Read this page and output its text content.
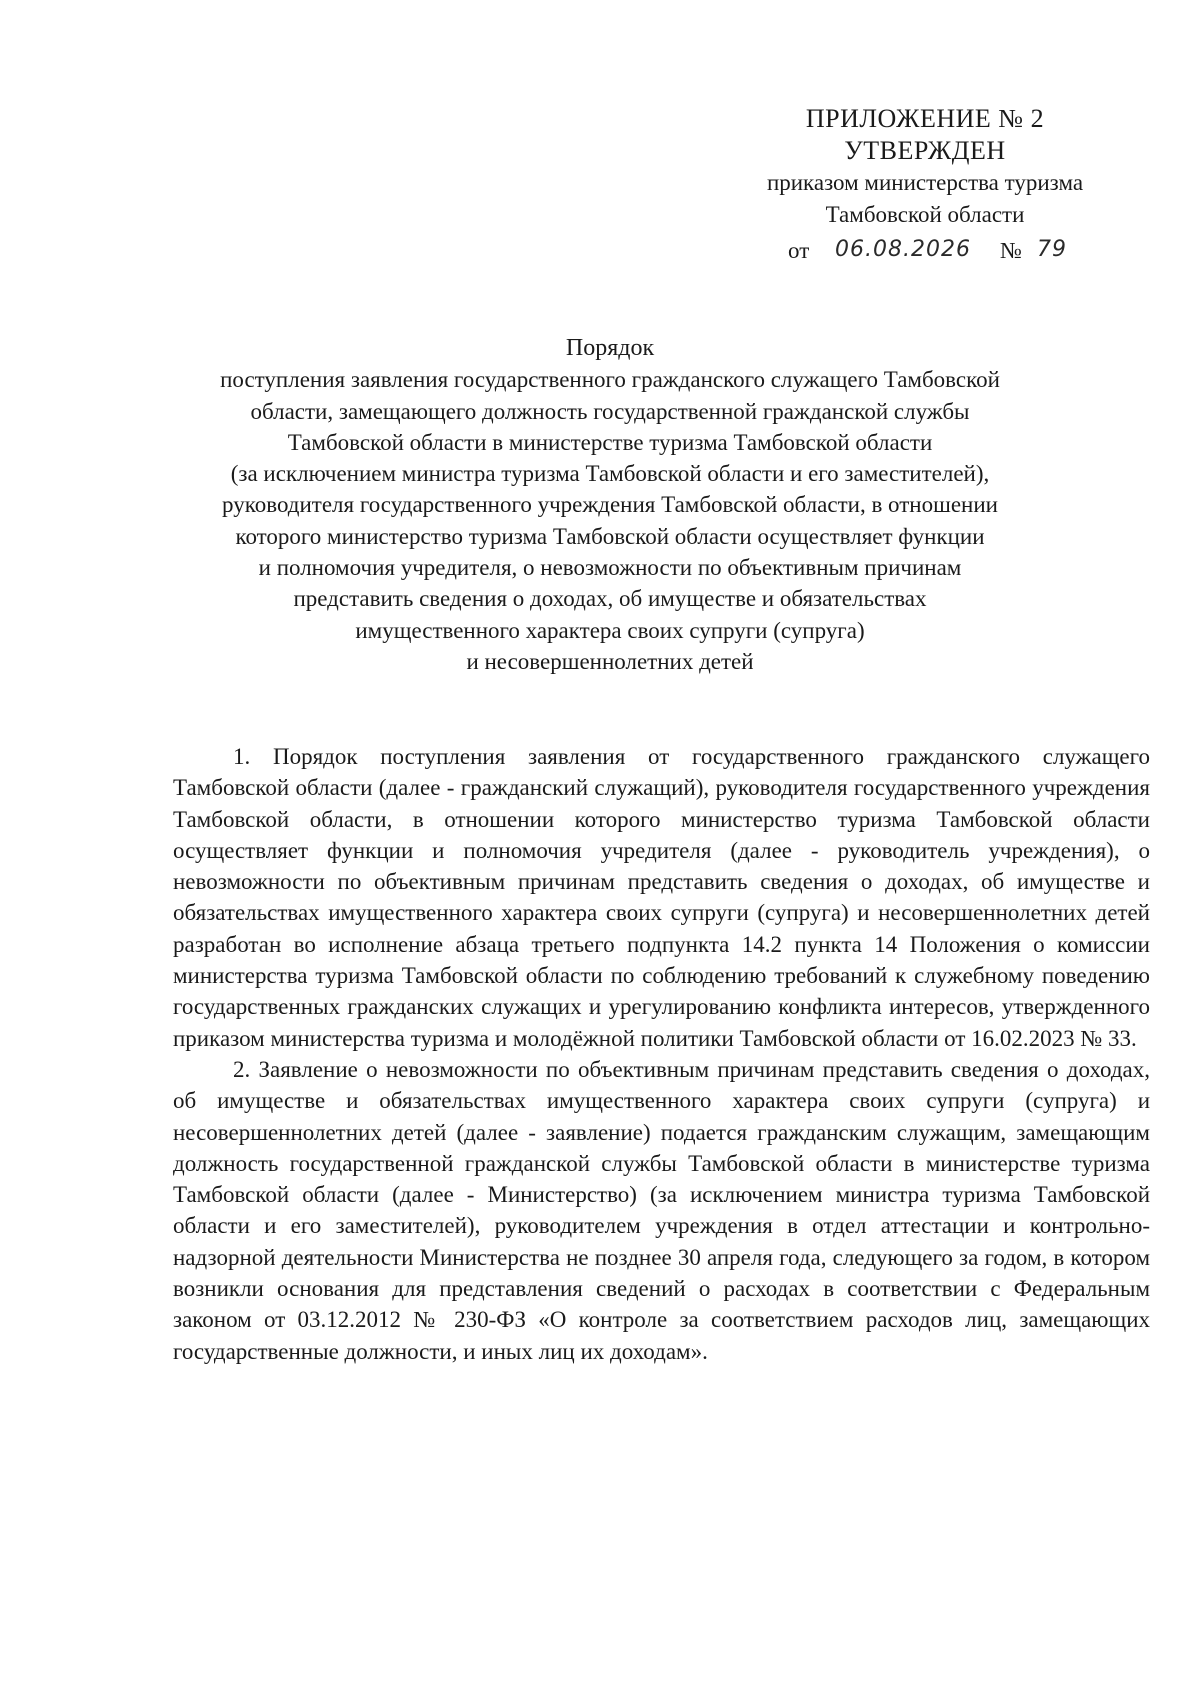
ПРИЛОЖЕНИЕ № 2
УТВЕРЖДЕН
приказом министерства туризма
Тамбовской области
от 06.08.2026 № 79
Порядок
поступления заявления государственного гражданского служащего Тамбовской
области, замещающего должность государственной гражданской службы
Тамбовской области в министерстве туризма Тамбовской области
(за исключением министра туризма Тамбовской области и его заместителей),
руководителя государственного учреждения Тамбовской области, в отношении
которого министерство туризма Тамбовской области осуществляет функции
и полномочия учредителя, о невозможности по объективным причинам
представить сведения о доходах, об имуществе и обязательствах
имущественного характера своих супруги (супруга)
и несовершеннолетних детей

1. Порядок поступления заявления от государственного гражданского служащего Тамбовской области (далее - гражданский служащий), руководителя государственного учреждения Тамбовской области, в отношении которого министерство туризма Тамбовской области осуществляет функции и полномочия учредителя (далее - руководитель учреждения), о невозможности по объективным причинам представить сведения о доходах, об имуществе и обязательствах имущественного характера своих супруги (супруга) и несовершеннолетних детей разработан во исполнение абзаца третьего подпункта 14.2 пункта 14 Положения о комиссии министерства туризма Тамбовской области по соблюдению требований к служебному поведению государственных гражданских служащих и урегулированию конфликта интересов, утвержденного приказом министерства туризма и молодёжной политики Тамбовской области от 16.02.2023 № 33.

2. Заявление о невозможности по объективным причинам представить сведения о доходах, об имуществе и обязательствах имущественного характера своих супруги (супруга) и несовершеннолетних детей (далее - заявление) подается гражданским служащим, замещающим должность государственной гражданской службы Тамбовской области в министерстве туризма Тамбовской области (далее - Министерство) (за исключением министра туризма Тамбовской области и его заместителей), руководителем учреждения в отдел аттестации и контрольно-надзорной деятельности Министерства не позднее 30 апреля года, следующего за годом, в котором возникли основания для представления сведений о расходах в соответствии с Федеральным законом от 03.12.2012 № 230-ФЗ «О контроле за соответствием расходов лиц, замещающих государственные должности, и иных лиц их доходам».
